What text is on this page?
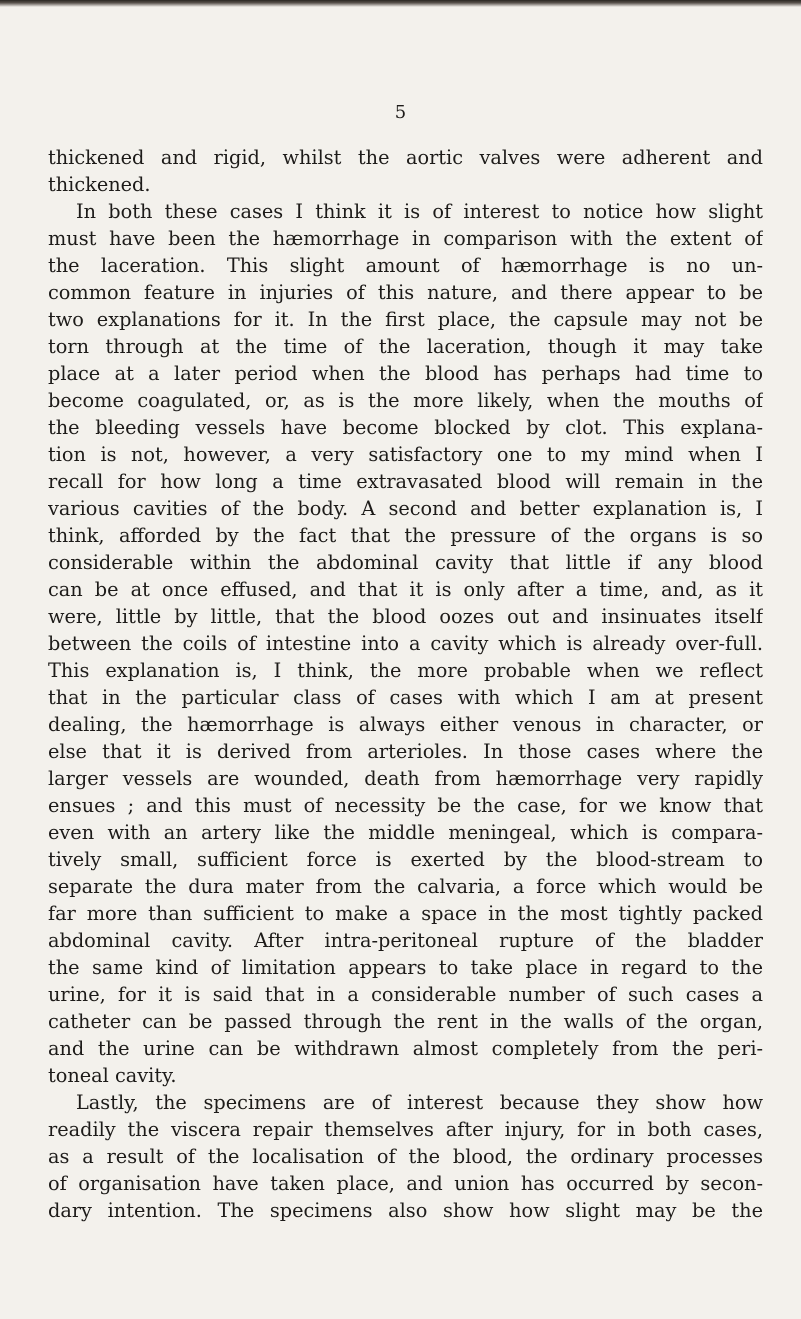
5
thickened and rigid, whilst the aortic valves were adherent and
thickened.
In both these cases I think it is of interest to notice how slight
must have been the hæmorrhage in comparison with the extent of
the laceration. This slight amount of hæmorrhage is no un-
common feature in injuries of this nature, and there appear to be
two explanations for it. In the first place, the capsule may not be
torn through at the time of the laceration, though it may take
place at a later period when the blood has perhaps had time to
become coagulated, or, as is the more likely, when the mouths of
the bleeding vessels have become blocked by clot. This explana-
tion is not, however, a very satisfactory one to my mind when I
recall for how long a time extravasated blood will remain in the
various cavities of the body. A second and better explanation is, I
think, afforded by the fact that the pressure of the organs is so
considerable within the abdominal cavity that little if any blood
can be at once effused, and that it is only after a time, and, as it
were, little by little, that the blood oozes out and insinuates itself
between the coils of intestine into a cavity which is already over-full.
This explanation is, I think, the more probable when we reflect
that in the particular class of cases with which I am at present
dealing, the hæmorrhage is always either venous in character, or
else that it is derived from arterioles. In those cases where the
larger vessels are wounded, death from hæmorrhage very rapidly
ensues ; and this must of necessity be the case, for we know that
even with an artery like the middle meningeal, which is compara-
tively small, sufficient force is exerted by the blood-stream to
separate the dura mater from the calvaria, a force which would be
far more than sufficient to make a space in the most tightly packed
abdominal cavity. After intra-peritoneal rupture of the bladder
the same kind of limitation appears to take place in regard to the
urine, for it is said that in a considerable number of such cases a
catheter can be passed through the rent in the walls of the organ,
and the urine can be withdrawn almost completely from the peri-
toneal cavity.
Lastly, the specimens are of interest because they show how
readily the viscera repair themselves after injury, for in both cases,
as a result of the localisation of the blood, the ordinary processes
of organisation have taken place, and union has occurred by secon-
dary intention. The specimens also show how slight may be the
